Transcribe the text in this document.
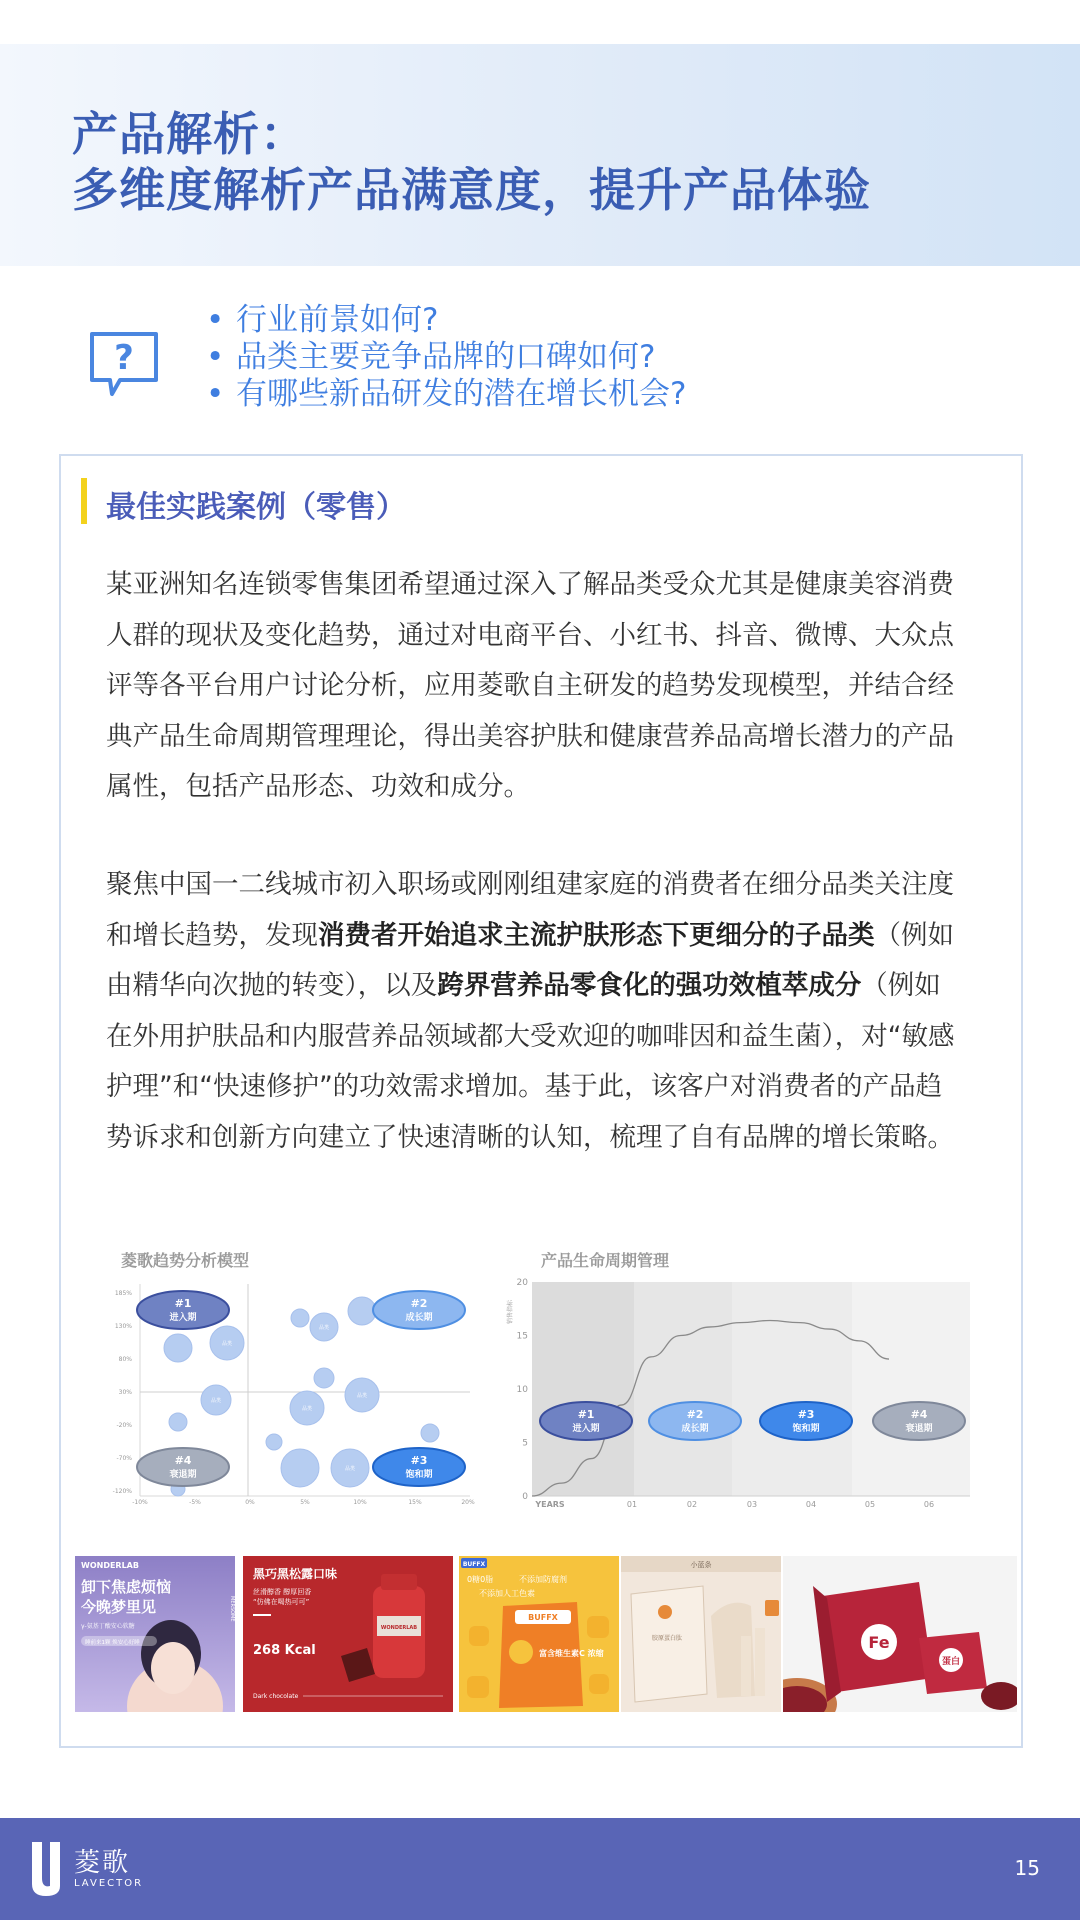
产品解析：
多维度解析产品满意度，提升产品体验
?
• 行业前景如何?
• 品类主要竞争品牌的口碑如何?
• 有哪些新品研发的潜在增长机会?
最佳实践案例（零售）
某亚洲知名连锁零售集团希望通过深入了解品类受众尤其是健康美容消费人群的现状及变化趋势，通过对电商平台、小红书、抖音、微博、大众点评等各平台用户讨论分析，应用菱歌自主研发的趋势发现模型，并结合经典产品生命周期管理理论，得出美容护肤和健康营养品高增长潜力的产品属性，包括产品形态、功效和成分。
聚焦中国一二线城市初入职场或刚刚组建家庭的消费者在细分品类关注度和增长趋势，发现消费者开始追求主流护肤形态下更细分的子品类（例如由精华向次抛的转变），以及跨界营养品零食化的强功效植萃成分（例如在外用护肤品和内服营养品领域都大受欢迎的咖啡因和益生菌），对“敏感护理”和“快速修护”的功效需求增加。基于此，该客户对消费者的产品趋势诉求和创新方向建立了快速清晰的认知，梳理了自有品牌的增长策略。
菱歌趋势分析模型	产品生命周期管理
185%
130%
80%
30%
-20%
-70%
-120%
-10%	-5%	0%	5%	10%	15%	20%
品类
品类
品类
品类
品类
品类
#1
进入期
#2
成长期
#3
饱和期
#4
衰退期
销售指标
0
5
10
15
20
YEARS	01	02	03	04	05	06
#1
进入期
#2
成长期
#3
饱和期
#4
衰退期
WONDERLAB
卸下焦虑烦恼
今晚梦里见
γ-氨基丁酸安心软糖
睡前来1颗 焕安心好睡
MERSOME
WONDERLAB
黑巧黑松露口味
丝滑醇香 醇厚回香
“仿佛在喝热可可”
268 Kcal
Dark chocolate
BUFFX
0糖0脂	不添加防腐剂
不添加人工色素
BUFFX
富含维生素C 浓缩
小蓝条
胶原蛋白肽	Fe
蛋白
菱歌
LAVECTOR
15
